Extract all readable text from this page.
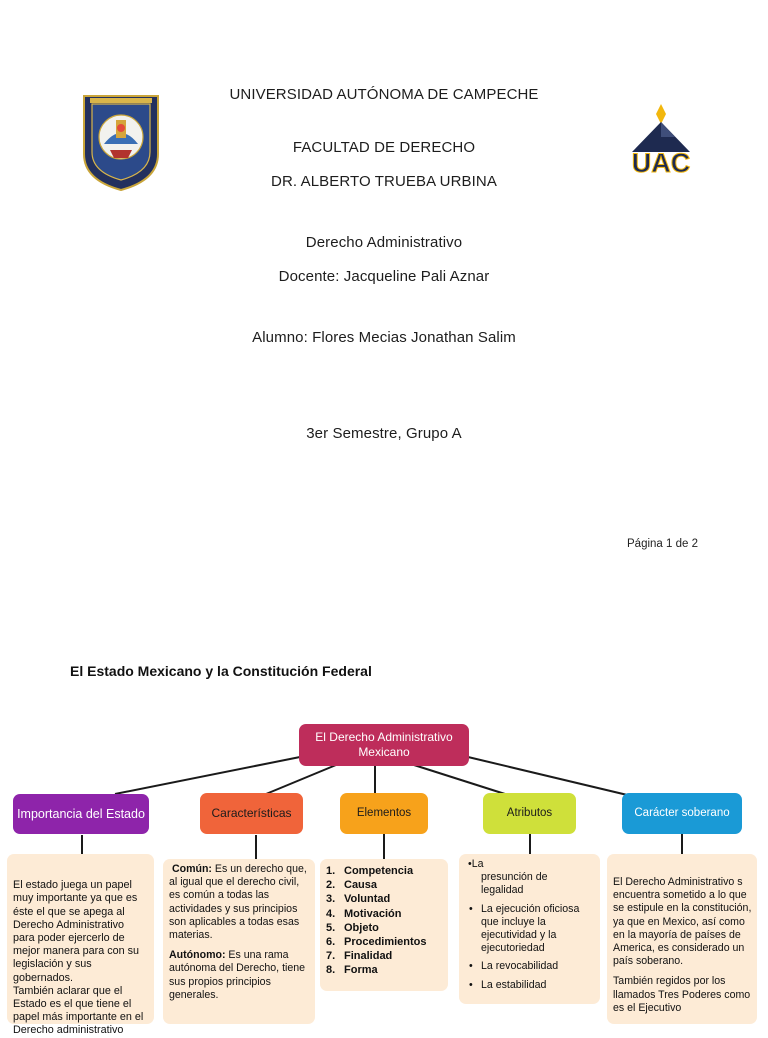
UNIVERSIDAD AUTÓNOMA DE CAMPECHE
FACULTAD DE DERECHO
DR. ALBERTO TRUEBA URBINA
Derecho Administrativo
Docente: Jacqueline Pali Aznar
Alumno: Flores Mecias Jonathan Salim
3er Semestre, Grupo A
Página 1 de 2
UAC
El Estado Mexicano y la Constitución Federal
El Derecho Administrativo Mexicano
Importancia del Estado	Características	Elementos	Atributos	Carácter soberano

El estado juega un papel muy importante ya que es éste el que se apega al Derecho Administrativo para poder ejercerlo de mejor manera para con su legislación y sus gobernados.
También aclarar que el Estado es el que tiene el papel más importante en el Derecho administrativo

Común: Es un derecho que, al igual que el derecho civil, es común a todas las actividades y sus principios son aplicables a todas esas materias.

Autónomo: Es una rama autónoma del Derecho, tiene sus propios principios generales.

1. Competencia
2. Causa
3. Voluntad
4. Motivación
5. Objeto
6. Procedimientos
7. Finalidad
8. Forma
•La
presunción de legalidad
• La ejecución oficiosa que incluye la ejecutividad y la ejecutoriedad
• La revocabilidad
• La estabilidad

El Derecho Administrativo s encuentra sometido a lo que se estipule en la constitución, ya que en Mexico, así como en la mayoría de países de America, es considerado un país soberano.

También regidos por los llamados Tres Poderes como es el Ejecutivo
